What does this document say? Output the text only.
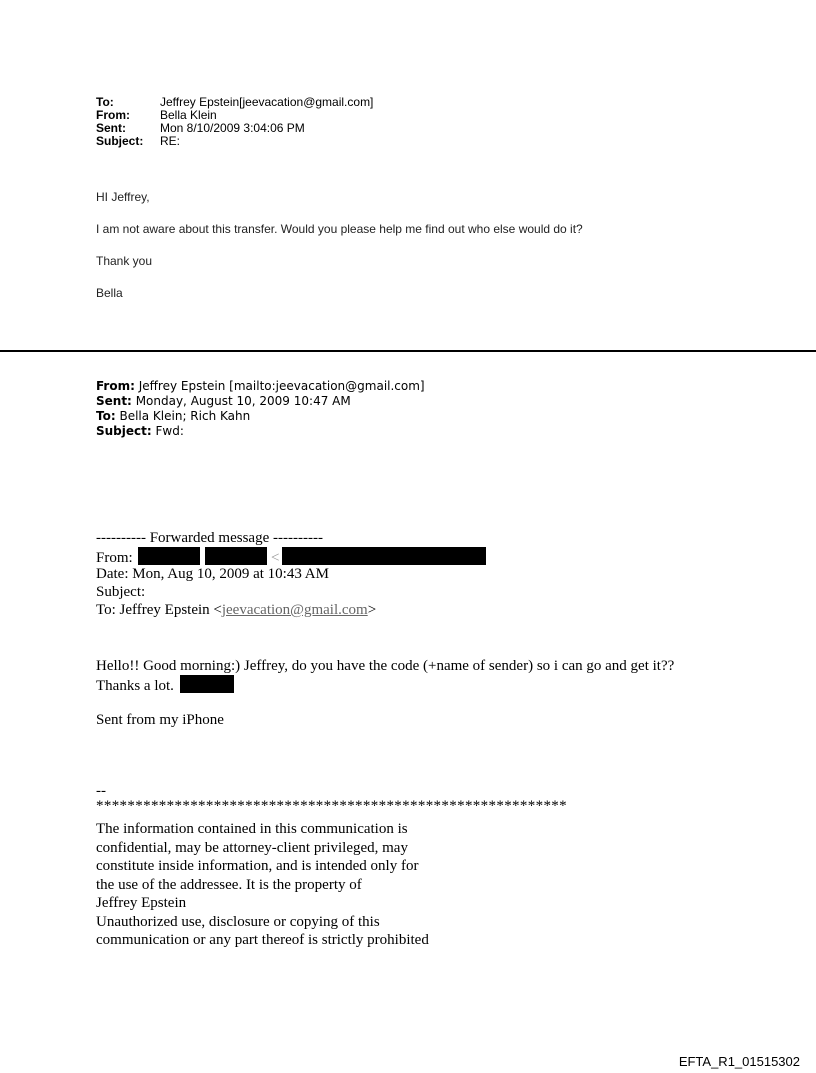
To:	Jeffrey Epstein[jeevacation@gmail.com]
From:	Bella Klein
Sent:	Mon 8/10/2009 3:04:06 PM
Subject:	RE:
HI Jeffrey,
I am not aware about this transfer. Would you please help me find out who else would do it?
Thank you
Bella
From: Jeffrey Epstein [mailto:jeevacation@gmail.com]
Sent: Monday, August 10, 2009 10:47 AM
To: Bella Klein; Rich Kahn
Subject: Fwd:
---------- Forwarded message ----------
From:	<
Date: Mon, Aug 10, 2009 at 10:43 AM
Subject:
To: Jeffrey Epstein <jeevacation@gmail.com>
Hello!! Good morning:) Jeffrey, do you have the code (+name of sender) so i can go and get it??
Thanks a lot.
Sent from my iPhone
--
************************************************************
The information contained in this communication is
confidential, may be attorney-client privileged, may
constitute inside information, and is intended only for
the use of the addressee. It is the property of
Jeffrey Epstein
Unauthorized use, disclosure or copying of this
communication or any part thereof is strictly prohibited
EFTA_R1_01515302
